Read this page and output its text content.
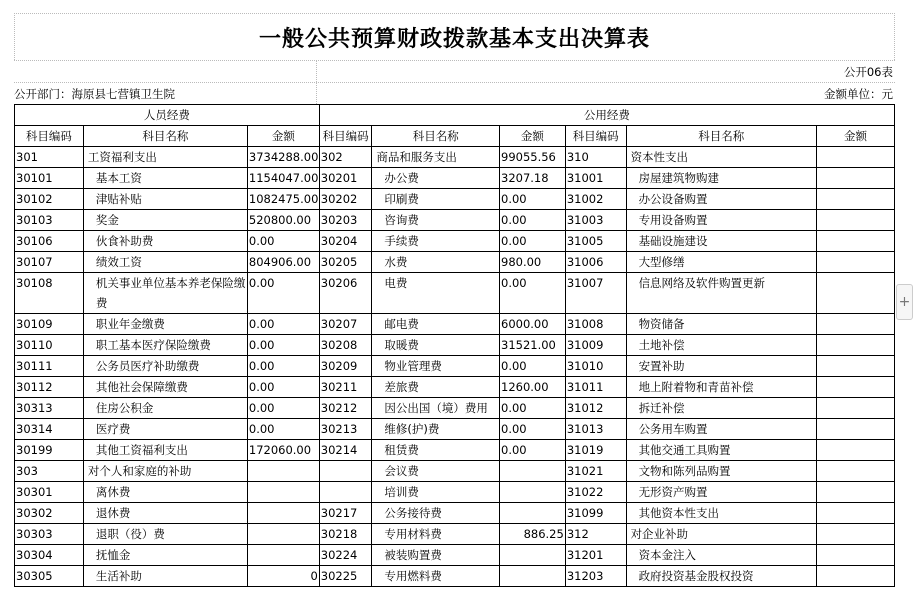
一般公共预算财政拨款基本支出决算表
公开06表
公开部门：海原县七营镇卫生院	金额单位：元
人员经费			公用经费					
科目编码	科目名称	金额	科目编码	科目名称	金额	科目编码	科目名称	金额
301	工资福利支出	3734288.00	302	商品和服务支出	99055.56	310	资本性支出	
30101	基本工资	1154047.00	30201	办公费	3207.18	31001	房屋建筑物购建	
30102	津贴补贴	1082475.00	30202	印刷费	0.00	31002	办公设备购置	
30103	奖金	520800.00	30203	咨询费	0.00	31003	专用设备购置	
30106	伙食补助费	0.00	30204	手续费	0.00	31005	基础设施建设	
30107	绩效工资	804906.00	30205	水费	980.00	31006	大型修缮	
30108	机关事业单位基本养老保险缴费	0.00	30206	电费	0.00	31007	信息网络及软件购置更新	
30109	职业年金缴费	0.00	30207	邮电费	6000.00	31008	物资储备	
30110	职工基本医疗保险缴费	0.00	30208	取暖费	31521.00	31009	土地补偿	
30111	公务员医疗补助缴费	0.00	30209	物业管理费	0.00	31010	安置补助	
30112	其他社会保障缴费	0.00	30211	差旅费	1260.00	31011	地上附着物和青苗补偿	
30313	住房公积金	0.00	30212	因公出国（境）费用	0.00	31012	拆迁补偿	
30314	医疗费	0.00	30213	维修(护)费	0.00	31013	公务用车购置	
30199	其他工资福利支出	172060.00	30214	租赁费	0.00	31019	其他交通工具购置	
303	对个人和家庭的补助			会议费		31021	文物和陈列品购置	
30301	离休费			培训费		31022	无形资产购置	
30302	退休费		30217	公务接待费		31099	其他资本性支出	
30303	退职（役）费		30218	专用材料费	886.25	312	对企业补助	
30304	抚恤金		30224	被装购置费		31201	资本金注入	
30305	生活补助	0	30225	专用燃料费		31203	政府投资基金股权投资	
+
